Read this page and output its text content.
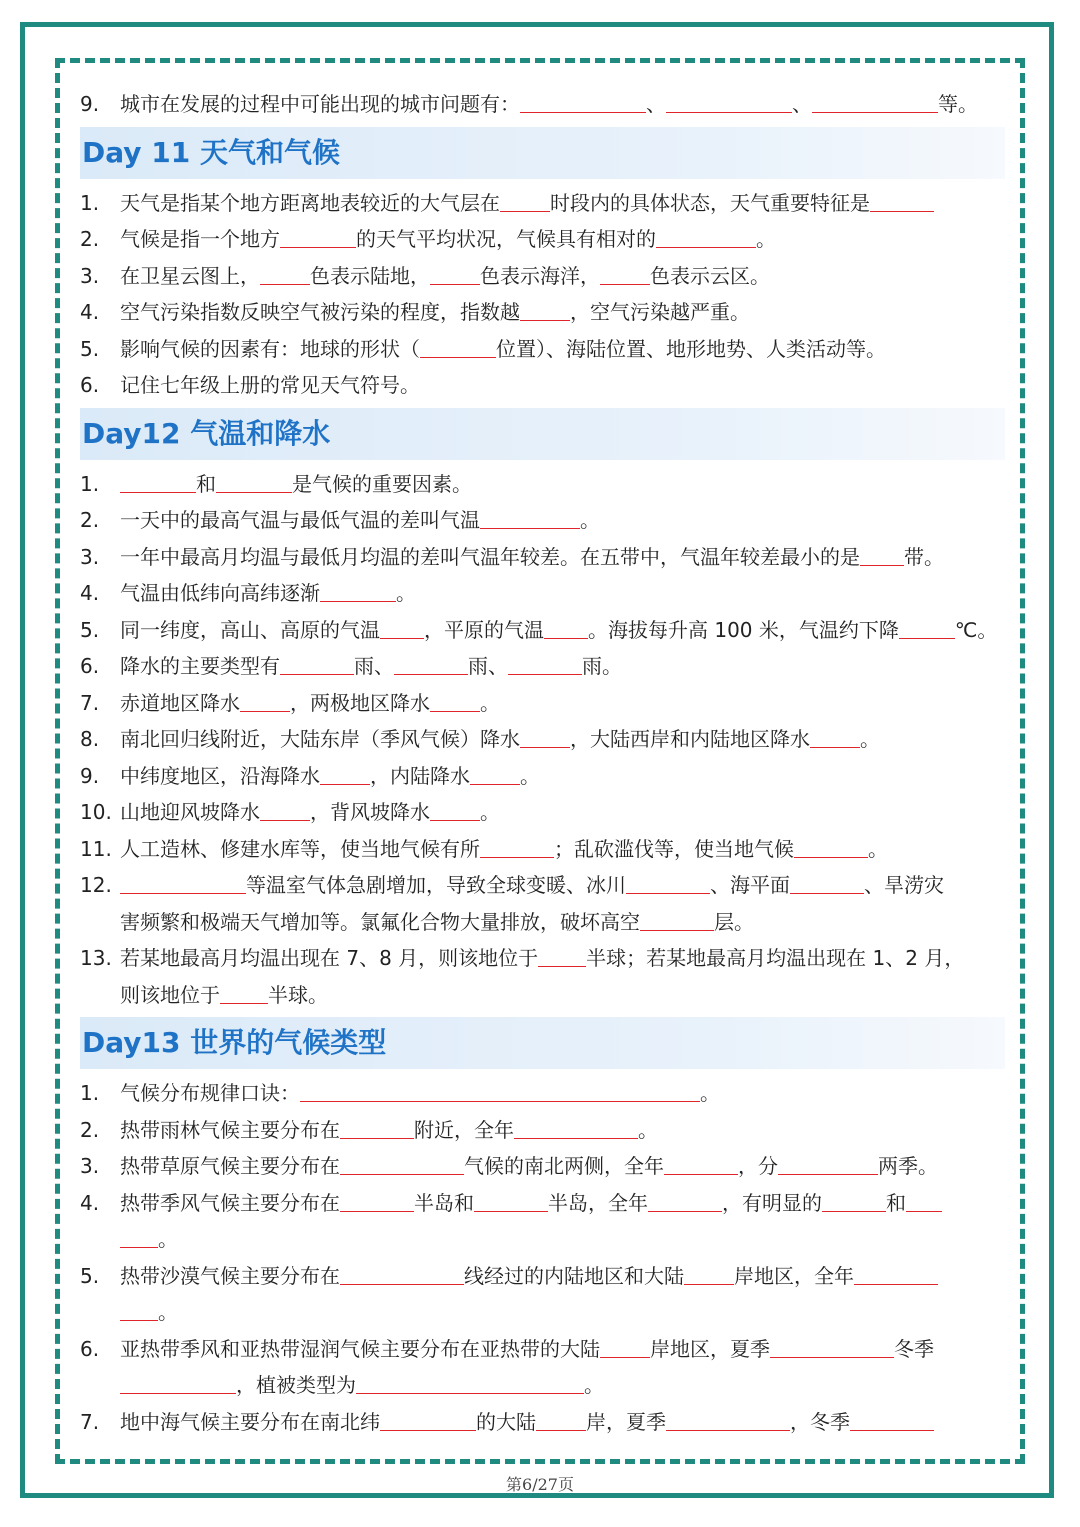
9. 城市在发展的过程中可能出现的城市问题有：	、	、	等。
Day 11 天气和气候
1. 天气是指某个地方距离地表较近的大气层在	时段内的具体状态，天气重要特征是
2. 气候是指一个地方	的天气平均状况，气候具有相对的	。
3. 在卫星云图上，	色表示陆地，	色表示海洋，	色表示云区。
4. 空气污染指数反映空气被污染的程度，指数越	，空气污染越严重。
5. 影响气候的因素有：地球的形状（	位置）、海陆位置、地形地势、人类活动等。
6. 记住七年级上册的常见天气符号。
Day12 气温和降水
1.	和	是气候的重要因素。
2. 一天中的最高气温与最低气温的差叫气温	。
3. 一年中最高月均温与最低月均温的差叫气温年较差。在五带中，气温年较差最小的是 带。
4. 气温由低纬向高纬逐渐	。
5. 同一纬度，高山、高原的气温 ，平原的气温 。海拔每升高 100 米，气温约下降	℃。
6. 降水的主要类型有	雨、	雨、	雨。
7. 赤道地区降水	，两极地区降水	。
8. 南北回归线附近，大陆东岸（季风气候）降水	，大陆西岸和内陆地区降水	。
9. 中纬度地区，沿海降水	，内陆降水	。
10. 山地迎风坡降水	，背风坡降水	。
11. 人工造林、修建水库等，使当地气候有所	；乱砍滥伐等，使当地气候	。
12.	等温室气体急剧增加，导致全球变暖、冰川	、海平面	、旱涝灾
害频繁和极端天气增加等。氯氟化合物大量排放，破坏高空	层。
13. 若某地最高月均温出现在 7、8 月，则该地位于 半球；若某地最高月均温出现在 1、2 月，
则该地位于 半球。
Day13 世界的气候类型
1. 气候分布规律口诀：	。
2. 热带雨林气候主要分布在	附近，全年	。
3. 热带草原气候主要分布在	气候的南北两侧，全年	，分	两季。
4. 热带季风气候主要分布在	半岛和	半岛，全年	，有明显的	和
。
5. 热带沙漠气候主要分布在	线经过的内陆地区和大陆	岸地区，全年
。
6. 亚热带季风和亚热带湿润气候主要分布在亚热带的大陆	岸地区，夏季	冬季
，植被类型为	。
7. 地中海气候主要分布在南北纬	的大陆	岸，夏季	，冬季
第6/27页
